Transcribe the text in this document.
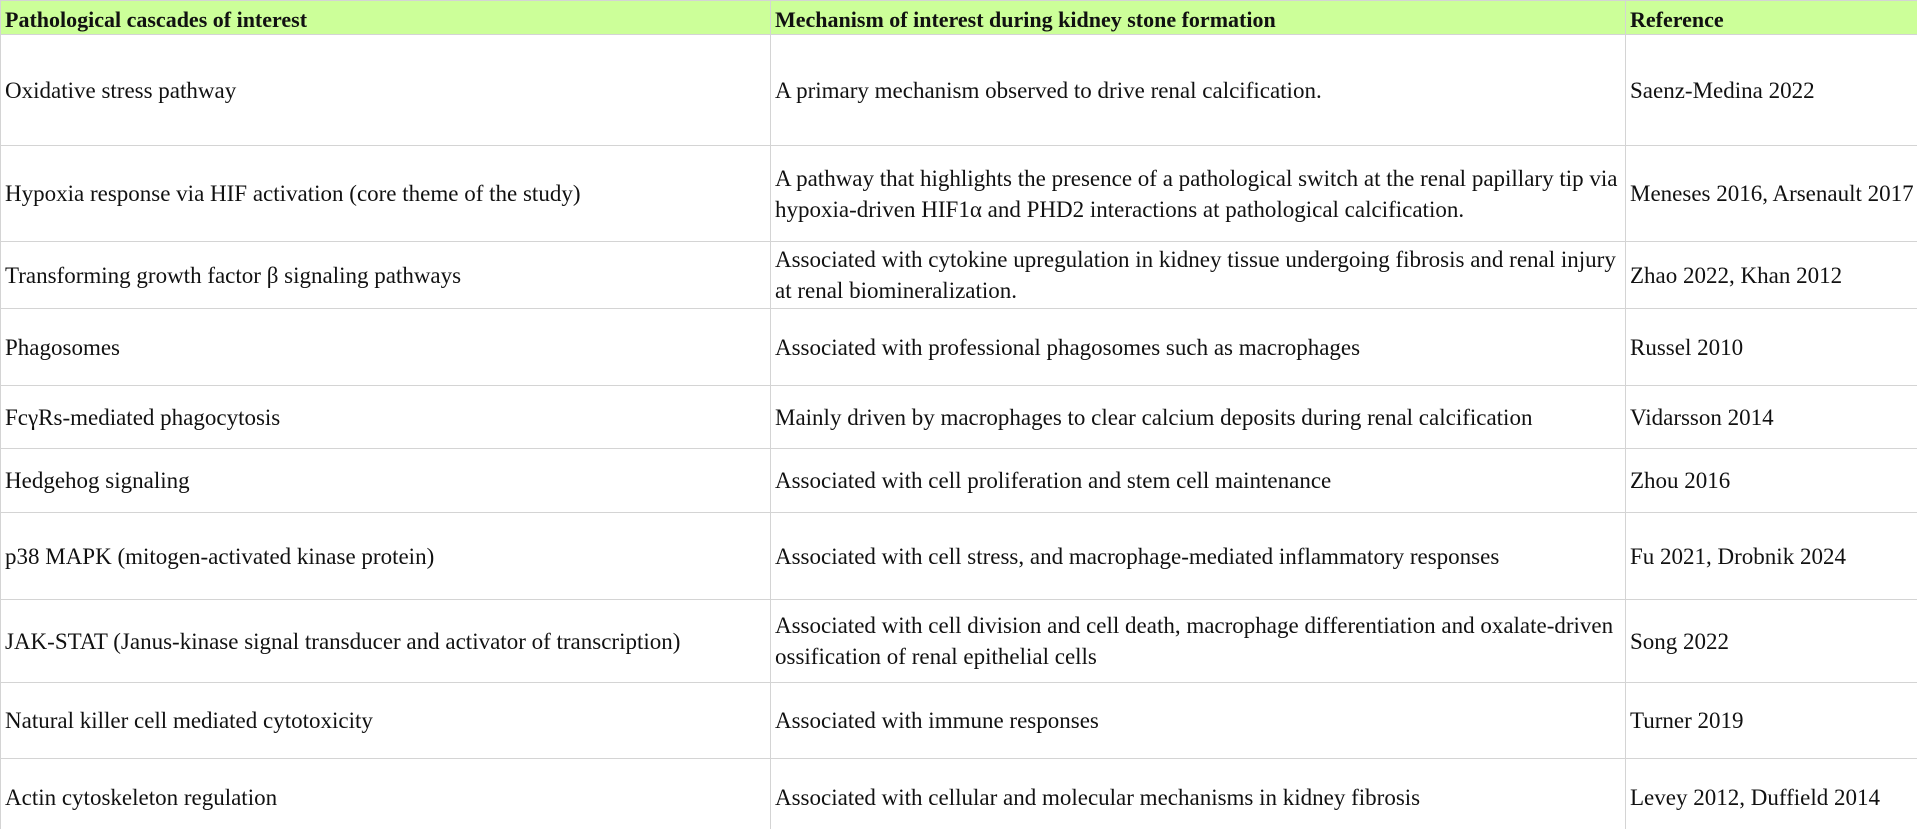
Pathological cascades of interest	Mechanism of interest during kidney stone formation	Reference
Oxidative stress pathway	A primary mechanism observed to drive renal calcification.	Saenz-Medina 2022
Hypoxia response via HIF activation (core theme of the study)	A pathway that highlights the presence of a pathological switch at the renal papillary tip via hypoxia-driven HIF1α and PHD2 interactions at pathological calcification.	Meneses 2016, Arsenault 2017
Transforming growth factor β signaling pathways	Associated with cytokine upregulation in kidney tissue undergoing fibrosis and renal injury at renal biomineralization.	Zhao 2022, Khan 2012
Phagosomes	Associated with professional phagosomes such as macrophages	Russel 2010
FcγRs-mediated phagocytosis	Mainly driven by macrophages to clear calcium deposits during renal calcification	Vidarsson 2014
Hedgehog signaling	Associated with cell proliferation and stem cell maintenance	Zhou 2016
p38 MAPK (mitogen-activated kinase protein)	Associated with cell stress, and macrophage-mediated inflammatory responses	Fu 2021, Drobnik 2024
JAK-STAT (Janus-kinase signal transducer and activator of transcription)	Associated with cell division and cell death, macrophage differentiation and oxalate-driven ossification of renal epithelial cells	Song 2022
Natural killer cell mediated cytotoxicity	Associated with immune responses	Turner 2019
Actin cytoskeleton regulation	Associated with cellular and molecular mechanisms in kidney fibrosis	Levey 2012, Duffield 2014
